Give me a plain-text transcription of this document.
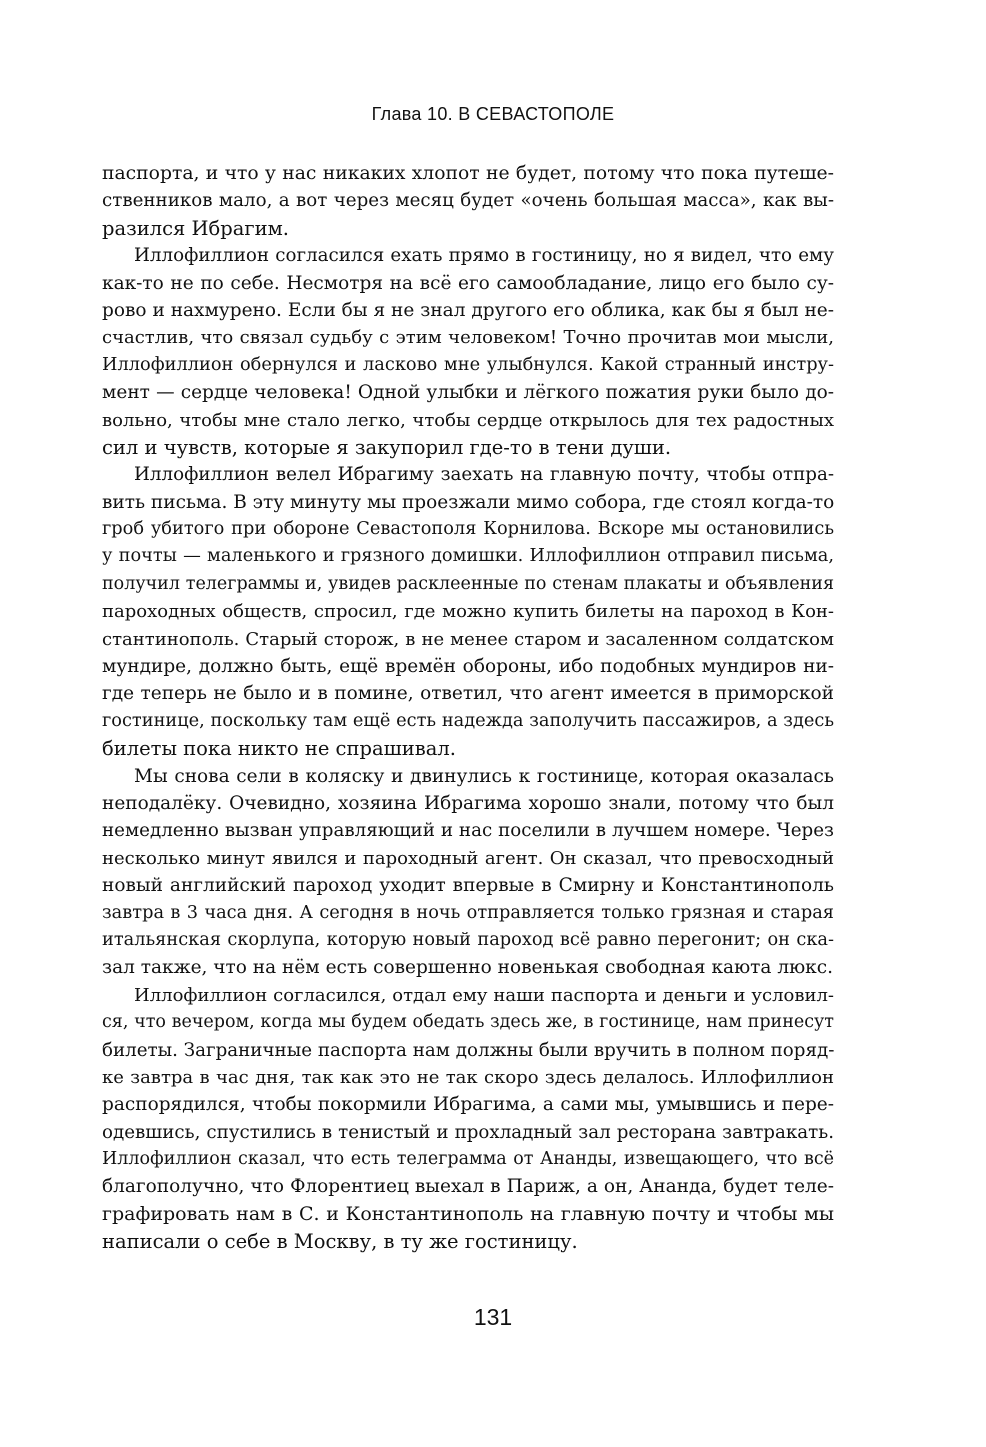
Глава 10. В СЕВАСТОПОЛЕ
паспорта, и что у нас никаких хлопот не будет, потому что пока путеше-
ственников мало, а вот через месяц будет «очень большая масса», как вы-
разился Ибрагим.
Иллофиллион согласился ехать прямо в гостиницу, но я видел, что ему
как-то не по себе. Несмотря на всё его самообладание, лицо его было су-
рово и нахмурено. Если бы я не знал другого его облика, как бы я был не-
счастлив, что связал судьбу с этим человеком! Точно прочитав мои мысли,
Иллофиллион обернулся и ласково мне улыбнулся. Какой странный инстру-
мент — сердце человека! Одной улыбки и лёгкого пожатия руки было до-
вольно, чтобы мне стало легко, чтобы сердце открылось для тех радостных
сил и чувств, которые я закупорил где-то в тени души.
Иллофиллион велел Ибрагиму заехать на главную почту, чтобы отпра-
вить письма. В эту минуту мы проезжали мимо собора, где стоял когда-то
гроб убитого при обороне Севастополя Корнилова. Вскоре мы остановились
у почты — маленького и грязного домишки. Иллофиллион отправил письма,
получил телеграммы и, увидев расклеенные по стенам плакаты и объявления
пароходных обществ, спросил, где можно купить билеты на пароход в Кон-
стантинополь. Старый сторож, в не менее старом и засаленном солдатском
мундире, должно быть, ещё времён обороны, ибо подобных мундиров ни-
где теперь не было и в помине, ответил, что агент имеется в приморской
гостинице, поскольку там ещё есть надежда заполучить пассажиров, а здесь
билеты пока никто не спрашивал.
Мы снова сели в коляску и двинулись к гостинице, которая оказалась
неподалёку. Очевидно, хозяина Ибрагима хорошо знали, потому что был
немедленно вызван управляющий и нас поселили в лучшем номере. Через
несколько минут явился и пароходный агент. Он сказал, что превосходный
новый английский пароход уходит впервые в Смирну и Константинополь
завтра в 3 часа дня. А сегодня в ночь отправляется только грязная и старая
итальянская скорлупа, которую новый пароход всё равно перегонит; он ска-
зал также, что на нём есть совершенно новенькая свободная каюта люкс.
Иллофиллион согласился, отдал ему наши паспорта и деньги и условил-
ся, что вечером, когда мы будем обедать здесь же, в гостинице, нам принесут
билеты. Заграничные паспорта нам должны были вручить в полном поряд-
ке завтра в час дня, так как это не так скоро здесь делалось. Иллофиллион
распорядился, чтобы покормили Ибрагима, а сами мы, умывшись и пере-
одевшись, спустились в тенистый и прохладный зал ресторана завтракать.
Иллофиллион сказал, что есть телеграмма от Ананды, извещающего, что всё
благополучно, что Флорентиец выехал в Париж, а он, Ананда, будет теле-
графировать нам в С. и Константинополь на главную почту и чтобы мы
написали о себе в Москву, в ту же гостиницу.
131
